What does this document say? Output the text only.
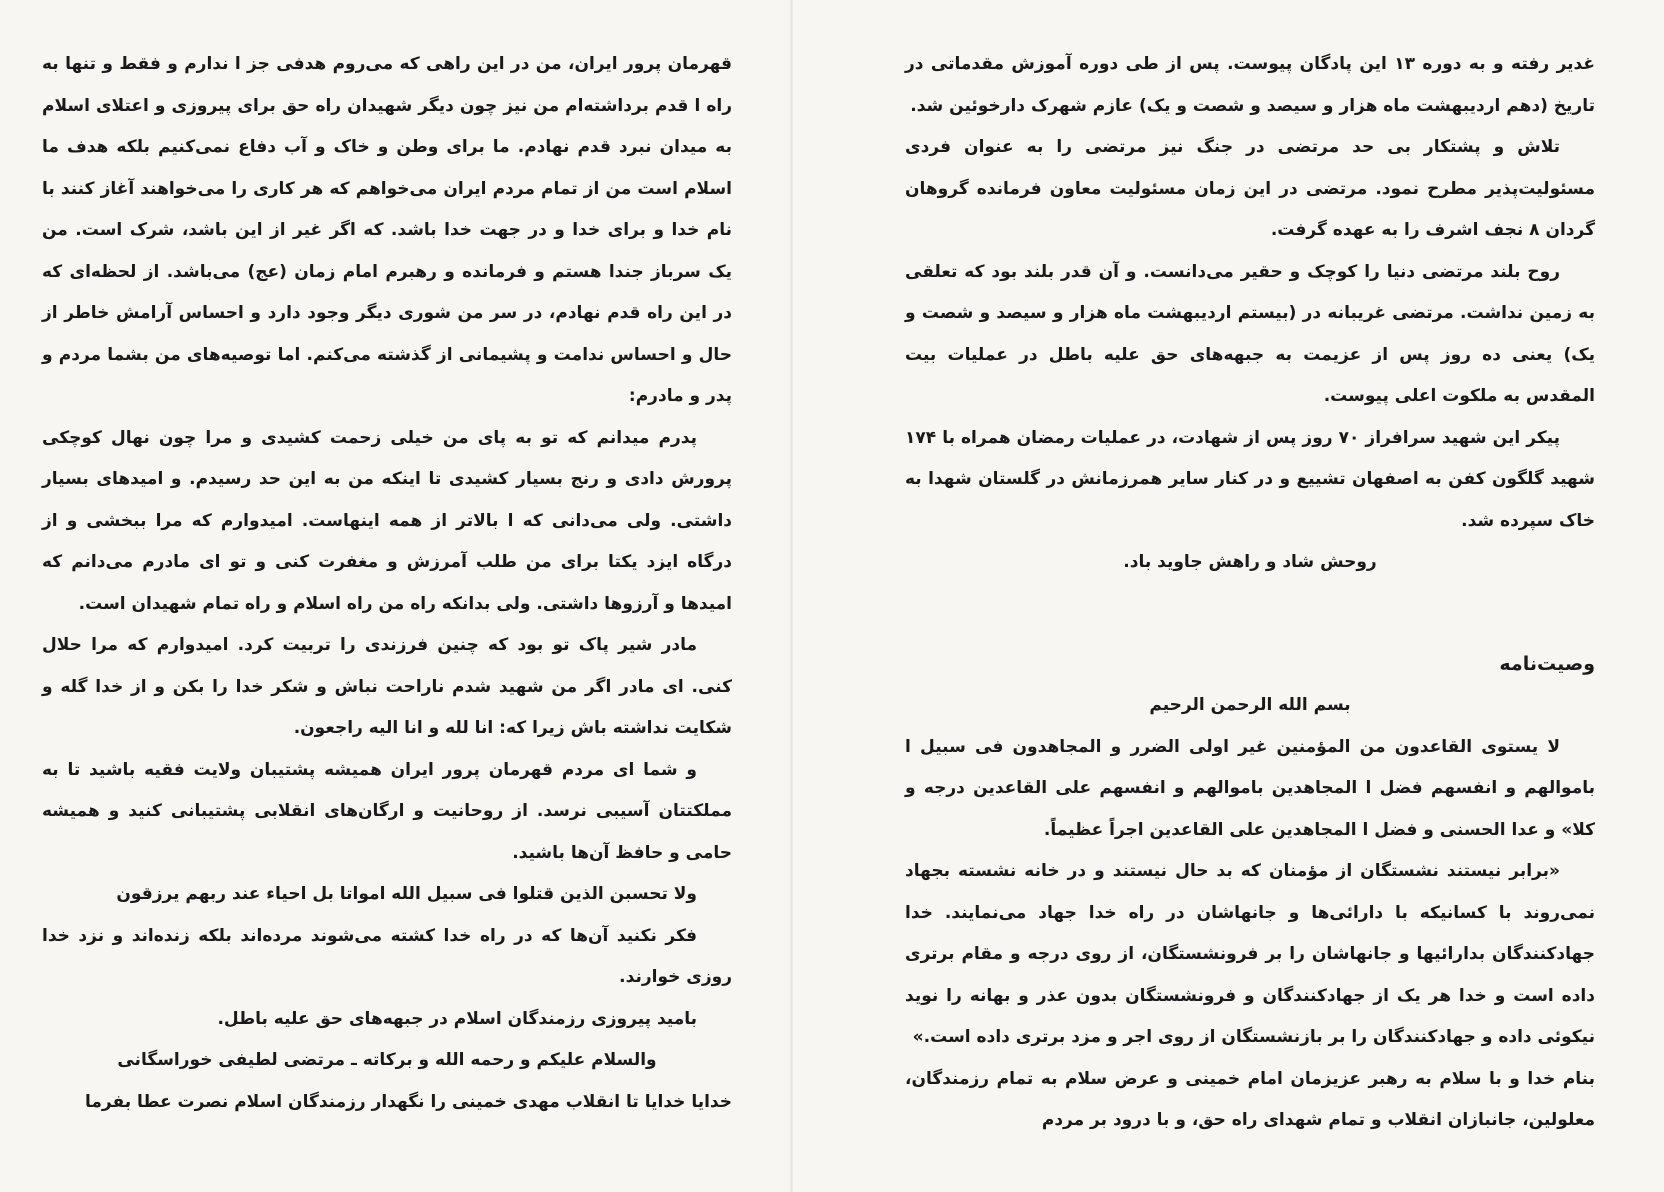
غدیر رفته و به دوره ۱۳ این پادگان پیوست. پس از طی دوره آموزش مقدماتی در تاریخ (دهم اردیبهشت ماه هزار و سیصد و شصت و یک) عازم شهرک دارخوئین شد.

تلاش و پشتکار بی حد مرتضی در جنگ نیز مرتضی را به عنوان فردی مسئولیت‌پذیر مطرح نمود. مرتضی در این زمان مسئولیت معاون فرمانده گروهان گردان ۸ نجف اشرف را به عهده گرفت.

روح بلند مرتضی دنیا را کوچک و حقیر می‌دانست. و آن قدر بلند بود که تعلقی به زمین نداشت. مرتضی غریبانه در (بیستم اردیبهشت ماه هزار و سیصد و شصت و یک) یعنی ده روز پس از عزیمت به جبهه‌های حق علیه باطل در عملیات بیت المقدس به ملکوت اعلی پیوست.

پیکر این شهید سرافراز ۷۰ روز پس از شهادت، در عملیات رمضان همراه با ۱۷۴ شهید گلگون کفن به اصفهان تشییع و در کنار سایر همرزمانش در گلستان شهدا به خاک سپرده شد.

روحش شاد و راهش جاوید باد.

وصیت‌نامه

بسم الله الرحمن الرحيم

لا يستوى القاعدون من المؤمنين غير اولى الضرر و المجاهدون فى سبيل ا باموالهم و انفسهم فضل ا المجاهدين باموالهم و انفسهم على القاعدين درجه و كلا» و عدا الحسنى و فضل ا المجاهدين على القاعدين اجراً عظيماً.

«برابر نیستند نشستگان از مؤمنان که بد حال نیستند و در خانه نشسته بجهاد نمی‌روند با کسانیکه با دارائی‌ها و جانهاشان در راه خدا جهاد می‌نمایند. خدا جهادکنندگان بدارائیها و جانهاشان را بر فرونشستگان، از روی درجه و مقام برتری داده است و خدا هر یک از جهادکنندگان و فرونشستگان بدون عذر و بهانه را نوید نیکوئی داده و جهادکنندگان را بر بازنشستگان از روی اجر و مزد برتری داده است.»

بنام خدا و با سلام به رهبر عزیزمان امام خمینی و عرض سلام به تمام رزمندگان، معلولین، جانبازان انقلاب و تمام شهدای راه حق، و با درود بر مردم

قهرمان پرور ایران، من در این راهی که می‌روم هدفی جز ا ندارم و فقط و تنها به راه ا قدم برداشته‌ام من نیز چون دیگر شهیدان راه حق برای پیروزی و اعتلای اسلام به میدان نبرد قدم نهادم. ما برای وطن و خاک و آب دفاع نمی‌کنیم بلکه هدف ما اسلام است من از تمام مردم ایران می‌خواهم که هر کاری را می‌خواهند آغاز کنند با نام خدا و برای خدا و در جهت خدا باشد. که اگر غیر از این باشد، شرک است. من یک سرباز جندا هستم و فرمانده و رهبرم امام زمان (عج) می‌باشد. از لحظه‌ای که در این راه قدم نهادم، در سر من شوری دیگر وجود دارد و احساس آرامش خاطر از حال و احساس ندامت و پشیمانی از گذشته می‌کنم. اما توصیه‌های من بشما مردم و پدر و مادرم:

پدرم میدانم که تو به پای من خیلی زحمت کشیدی و مرا چون نهال کوچکی پرورش دادی و رنج بسیار کشیدی تا اینکه من به این حد رسیدم. و امیدهای بسیار داشتی. ولی می‌دانی که ا بالاتر از همه اینهاست. امیدوارم که مرا ببخشی و از درگاه ایزد یکتا برای من طلب آمرزش و مغفرت کنی و تو ای مادرم می‌دانم که امیدها و آرزوها داشتی. ولی بدانکه راه من راه اسلام و راه تمام شهیدان است.

مادر شیر پاک تو بود که چنین فرزندی را تربیت کرد. امیدوارم که مرا حلال کنی. ای مادر اگر من شهید شدم ناراحت نباش و شکر خدا را بکن و از خدا گله و شکایت نداشته باش زیرا که: انا لله و انا اليه راجعون.

و شما ای مردم قهرمان پرور ایران همیشه پشتیبان ولایت فقیه باشید تا به مملکتتان آسیبی نرسد. از روحانیت و ارگان‌های انقلابی پشتیبانی کنید و همیشه حامی و حافظ آن‌ها باشید.

ولا تحسبن الذين قتلوا فى سبيل الله امواتا بل احياء عند ربهم يرزقون

فکر نکنید آن‌ها که در راه خدا کشته می‌شوند مرده‌اند بلکه زنده‌اند و نزد خدا روزی خوارند.

بامید پیروزی رزمندگان اسلام در جبهه‌های حق علیه باطل.

والسلام عليكم و رحمه الله و بركاته ـ مرتضی لطیفی خوراسگانی

خدایا خدایا تا انقلاب مهدی خمینی را نگهدار رزمندگان اسلام نصرت عطا بفرما
